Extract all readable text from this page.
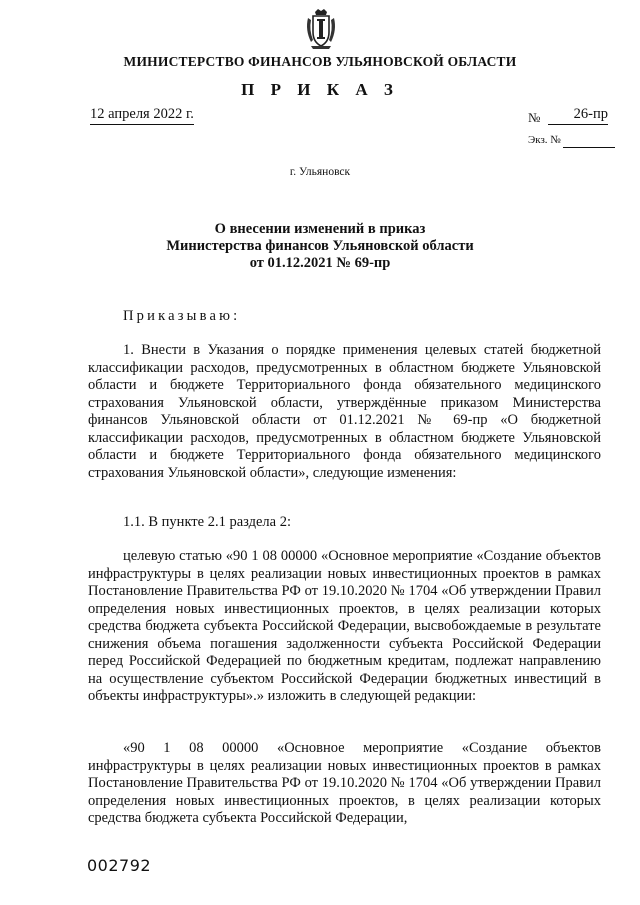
МИНИСТЕРСТВО ФИНАНСОВ УЛЬЯНОВСКОЙ ОБЛАСТИ
П Р И К А З
12 апреля 2022 г.	№	26-пр
Экз. №
г. Ульяновск
О внесении изменений в приказ
Министерства финансов Ульяновской области
от 01.12.2021 № 69-пр
Приказываю:

1. Внести в Указания о порядке применения целевых статей бюджетной классификации расходов, предусмотренных в областном бюджете Ульяновской области и бюджете Территориального фонда обязательного медицинского страхования Ульяновской области, утверждённые приказом Министерства финансов Ульяновской области от 01.12.2021 № 69-пр «О бюджетной классификации расходов, предусмотренных в областном бюджете Ульяновской области и бюджете Территориального фонда обязательного медицинского страхования Ульяновской области», следующие изменения:

1.1. В пункте 2.1 раздела 2:

целевую статью «90 1 08 00000 «Основное мероприятие «Создание объектов инфраструктуры в целях реализации новых инвестиционных проектов в рамках Постановление Правительства РФ от 19.10.2020 № 1704 «Об утверждении Правил определения новых инвестиционных проектов, в целях реализации которых средства бюджета субъекта Российской Федерации, высвобождаемые в результате снижения объема погашения задолженности субъекта Российской Федерации перед Российской Федерацией по бюджетным кредитам, подлежат направлению на осуществление субъектом Российской Федерации бюджетных инвестиций в объекты инфраструктуры».» изложить в следующей редакции:

«90 1 08 00000 «Основное мероприятие «Создание объектов инфраструктуры в целях реализации новых инвестиционных проектов в рамках Постановление Правительства РФ от 19.10.2020 № 1704 «Об утверждении Правил определения новых инвестиционных проектов, в целях реализации которых средства бюджета субъекта Российской Федерации,

002792
